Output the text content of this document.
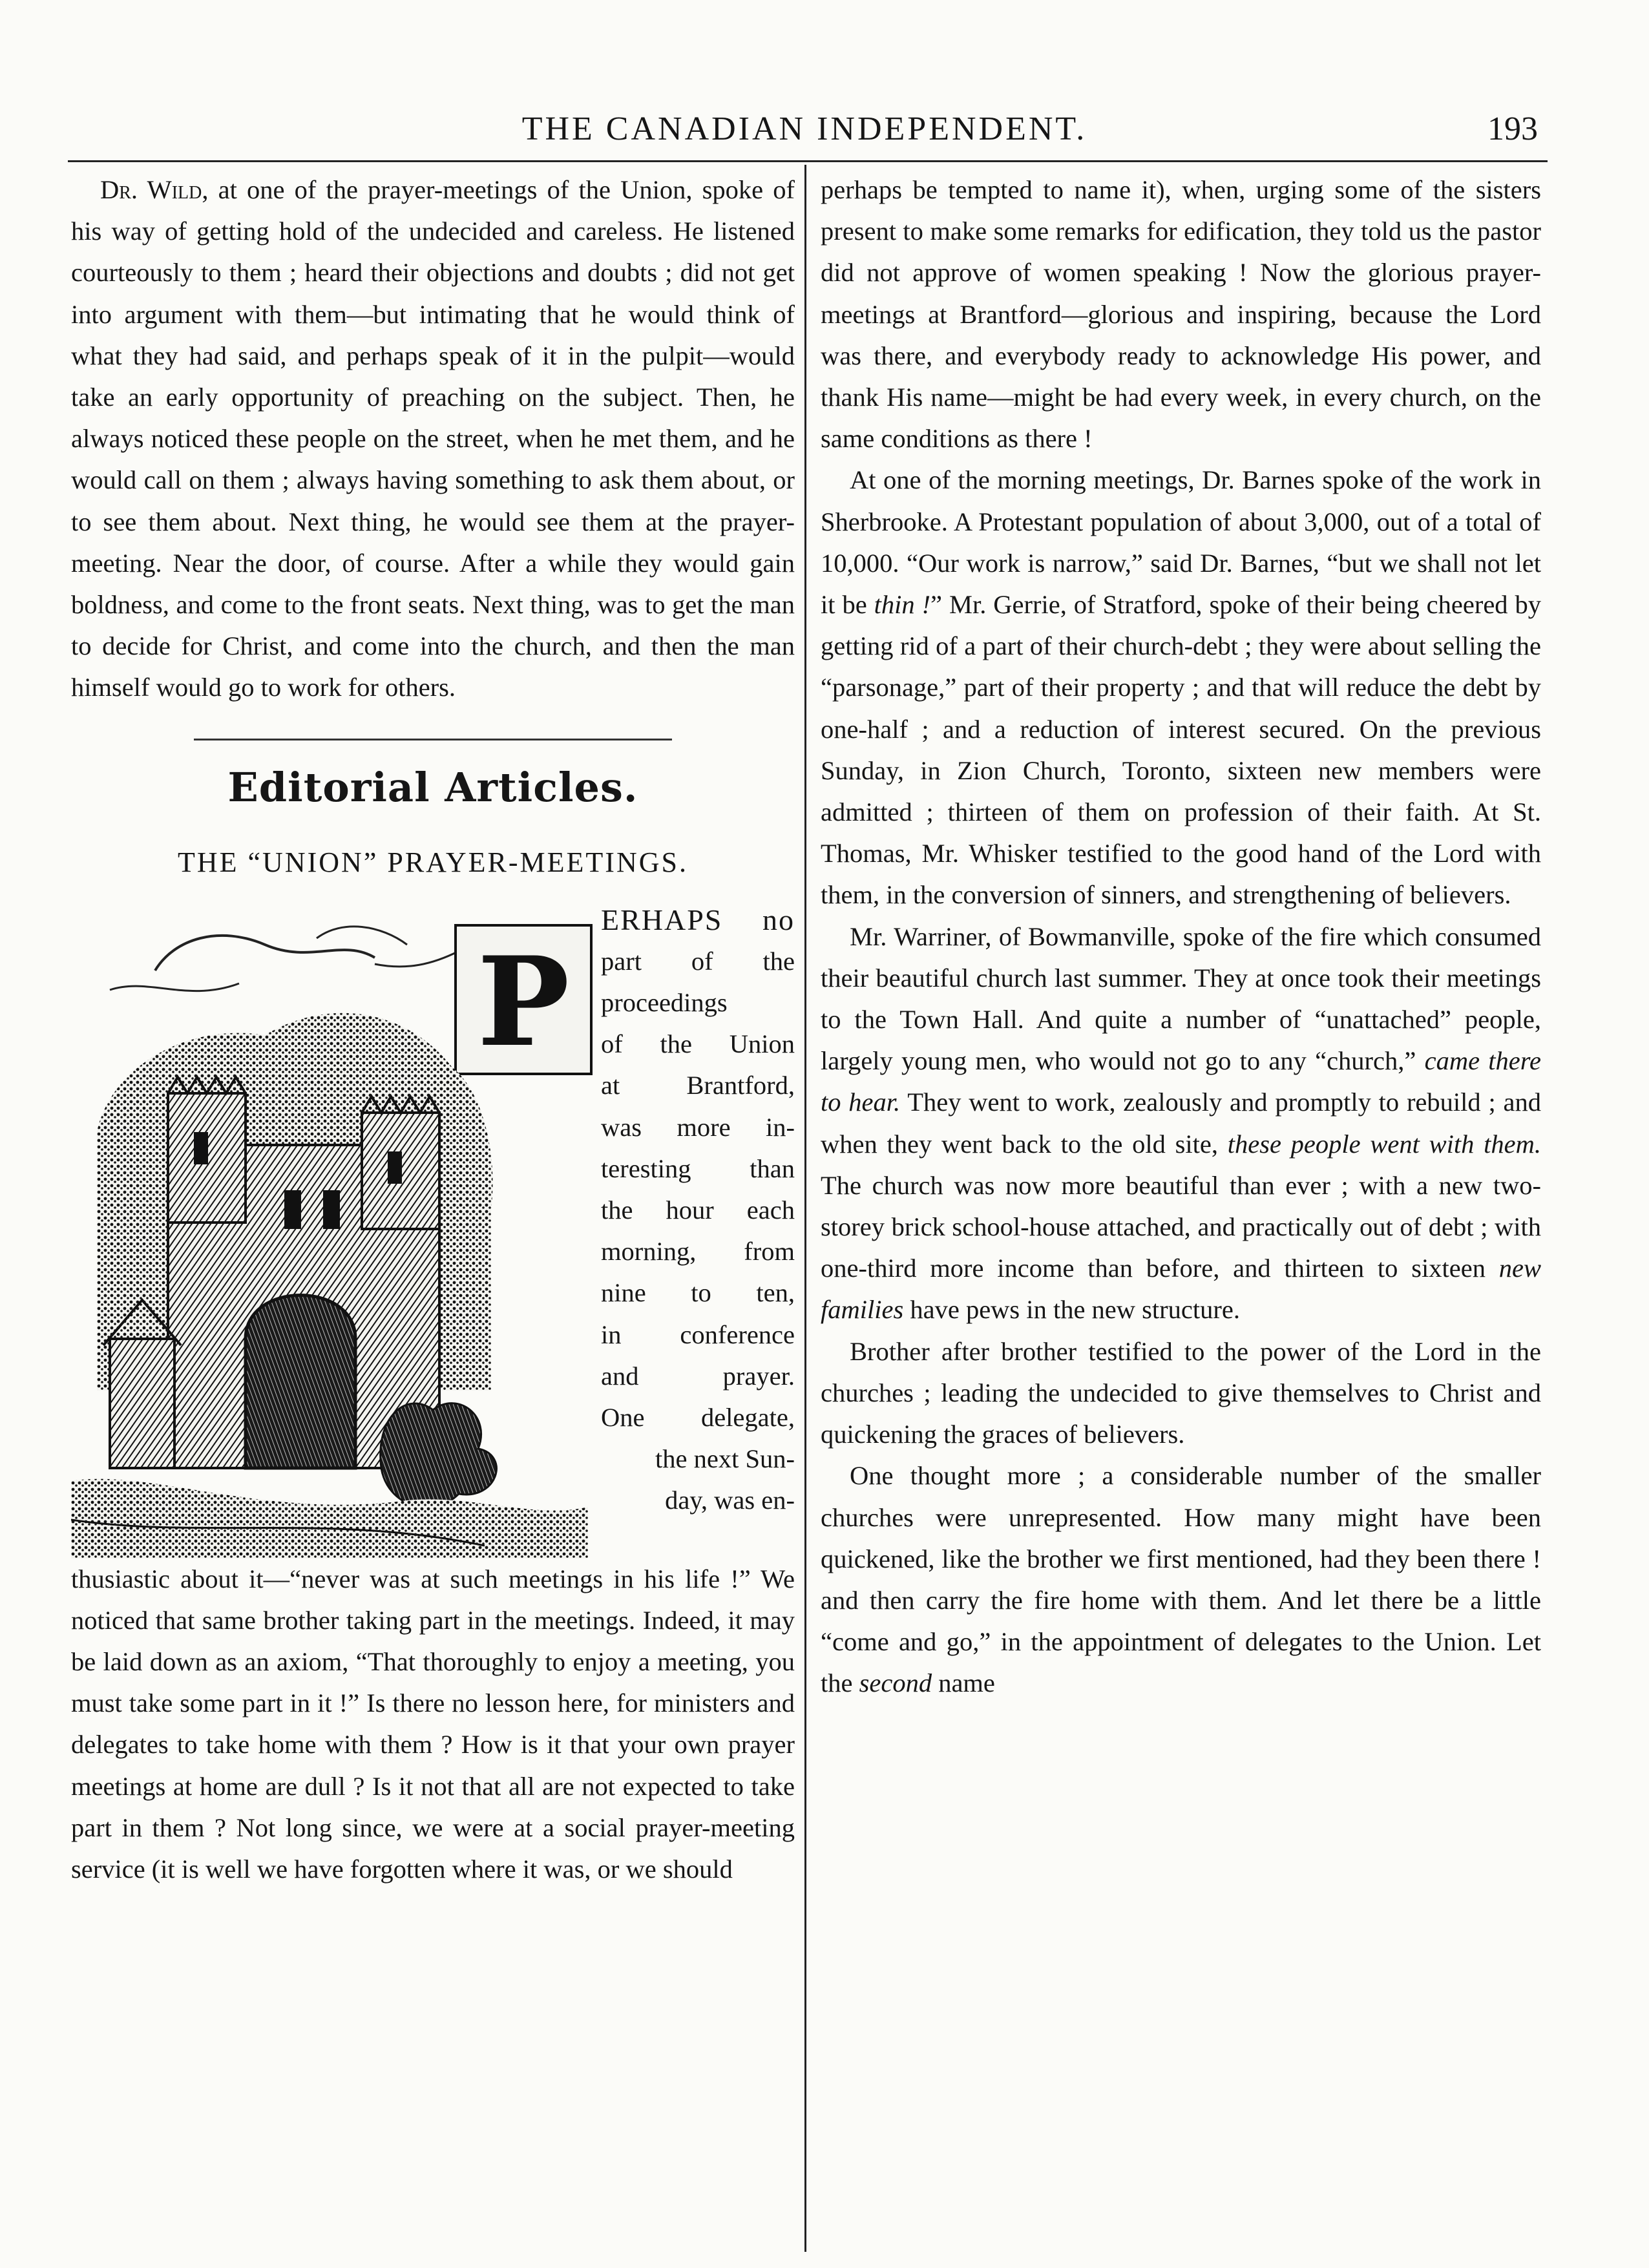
THE CANADIAN INDEPENDENT.	193

Dr. Wild, at one of the prayer-meetings of the Union, spoke of his way of getting hold of the undecided and careless. He listened courteously to them ; heard their objections and doubts ; did not get into argument with them—but intimating that he would think of what they had said, and perhaps speak of it in the pulpit—would take an early opportunity of preaching on the subject. Then, he always noticed these people on the street, when he met them, and he would call on them ; always having something to ask them about, or to see them about. Next thing, he would see them at the prayer-meeting. Near the door, of course. After a while they would gain boldness, and come to the front seats. Next thing, was to get the man to decide for Christ, and come into the church, and then the man himself would go to work for others.

Editorial Articles.
THE “UNION” PRAYER-MEETINGS.
P
ERHAPS no
part of the
proceedings
of the Union
at Brantford,
was more in-
teresting than
the hour each
morning, from
nine to ten,
in conference
and prayer.
One delegate,
the next Sun-
day, was en-

thusiastic about it—“never was at such meetings in his life !” We noticed that same brother taking part in the meetings. Indeed, it may be laid down as an axiom, “That thoroughly to enjoy a meeting, you must take some part in it !” Is there no lesson here, for ministers and delegates to take home with them ? How is it that your own prayer meetings at home are dull ? Is it not that all are not expected to take part in them ? Not long since, we were at a social prayer-meeting service (it is well we have forgotten where it was, or we should

perhaps be tempted to name it), when, urging some of the sisters present to make some remarks for edification, they told us the pastor did not approve of women speaking ! Now the glorious prayer-meetings at Brantford—glorious and inspiring, because the Lord was there, and everybody ready to acknowledge His power, and thank His name—might be had every week, in every church, on the same conditions as there !

At one of the morning meetings, Dr. Barnes spoke of the work in Sherbrooke. A Protestant population of about 3,000, out of a total of 10,000. “Our work is narrow,” said Dr. Barnes, “but we shall not let it be thin !” Mr. Gerrie, of Stratford, spoke of their being cheered by getting rid of a part of their church-debt ; they were about selling the “parsonage,” part of their property ; and that will reduce the debt by one-half ; and a reduction of interest secured. On the previous Sunday, in Zion Church, Toronto, sixteen new members were admitted ; thirteen of them on profession of their faith. At St. Thomas, Mr. Whisker testified to the good hand of the Lord with them, in the conversion of sinners, and strengthening of believers.

Mr. Warriner, of Bowmanville, spoke of the fire which consumed their beautiful church last summer. They at once took their meetings to the Town Hall. And quite a number of “unattached” people, largely young men, who would not go to any “church,” came there to hear. They went to work, zealously and promptly to rebuild ; and when they went back to the old site, these people went with them. The church was now more beautiful than ever ; with a new two-storey brick school-house attached, and practically out of debt ; with one-third more income than before, and thirteen to sixteen new families have pews in the new structure.

Brother after brother testified to the power of the Lord in the churches ; leading the undecided to give themselves to Christ and quickening the graces of believers.

One thought more ; a considerable number of the smaller churches were unrepresented. How many might have been quickened, like the brother we first mentioned, had they been there ! and then carry the fire home with them. And let there be a little “come and go,” in the appointment of delegates to the Union. Let the second name
